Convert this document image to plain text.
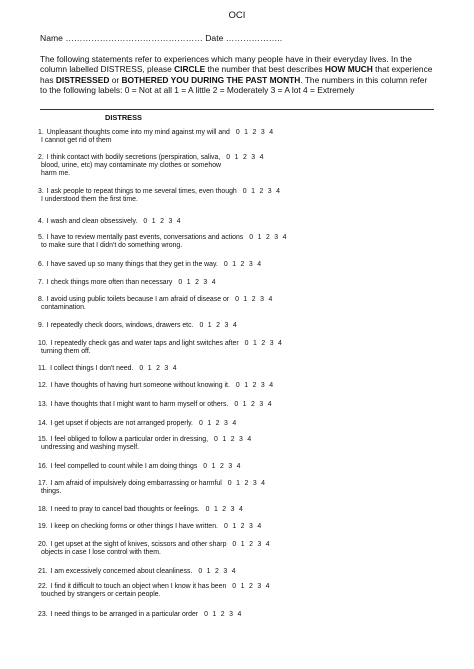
OCI
Name ………………………………………… Date ………………..
The following statements refer to experiences which many people have in their everyday lives. In the column labelled DISTRESS, please CIRCLE the number that best describes HOW MUCH that experience has DISTRESSED or BOTHERED YOU DURING THE PAST MONTH. The numbers in this column refer to the following labels: 0 = Not at all 1 = A little 2 = Moderately 3 = A lot 4 = Extremely
DISTRESS
1. Unpleasant thoughts come into my mind against my will and 0 1 2 3 4
I cannot get rid of them
2. I think contact with bodily secretions (perspiration, saliva, 0 1 2 3 4
blood, urine, etc) may contaminate my clothes or somehow
harm me.
3. I ask people to repeat things to me several times, even though 0 1 2 3 4
I understood them the first time.
4. I wash and clean obsessively. 0 1 2 3 4
5. I have to review mentally past events, conversations and actions 0 1 2 3 4
to make sure that I didn't do something wrong.
6. I have saved up so many things that they get in the way. 0 1 2 3 4
7. I check things more often than necessary 0 1 2 3 4
8. I avoid using public toilets because I am afraid of disease or 0 1 2 3 4
contamination.
9. I repeatedly check doors, windows, drawers etc. 0 1 2 3 4
10. I repeatedly check gas and water taps and light switches after 0 1 2 3 4
turning them off.
11. I collect things I don't need. 0 1 2 3 4
12. I have thoughts of having hurt someone without knowing it. 0 1 2 3 4
13. I have thoughts that I might want to harm myself or others. 0 1 2 3 4
14. I get upset if objects are not arranged properly. 0 1 2 3 4
15. I feel obliged to follow a particular order in dressing, 0 1 2 3 4
undressing and washing myself.
16. I feel compelled to count while I am doing things 0 1 2 3 4
17. I am afraid of impulsively doing embarrassing or harmful 0 1 2 3 4
things.
18. I need to pray to cancel bad thoughts or feelings. 0 1 2 3 4
19. I keep on checking forms or other things I have written. 0 1 2 3 4
20. I get upset at the sight of knives, scissors and other sharp 0 1 2 3 4
objects in case I lose control with them.
21. I am excessively concerned about cleanliness. 0 1 2 3 4
22. I find it difficult to touch an object when I know it has been 0 1 2 3 4
touched by strangers or certain people.
23. I need things to be arranged in a particular order 0 1 2 3 4
